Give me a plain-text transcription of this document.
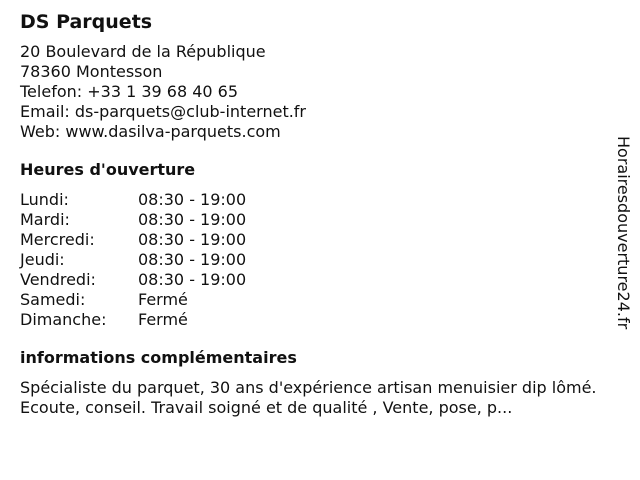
DS Parquets
20 Boulevard de la République
78360 Montesson
Telefon: +33 1 39 68 40 65
Email: ds-parquets@club-internet.fr
Web: www.dasilva-parquets.com
Heures d'ouverture
Lundi:	08:30 - 19:00
Mardi:	08:30 - 19:00
Mercredi:	08:30 - 19:00
Jeudi:	08:30 - 19:00
Vendredi:	08:30 - 19:00
Samedi:	Fermé
Dimanche:	Fermé
informations complémentaires

Spécialiste du parquet, 30 ans d'expérience artisan menuisier dip lômé. Ecoute, conseil. Travail soigné et de qualité , Vente, pose, p...

Horairesdouverture24.fr
